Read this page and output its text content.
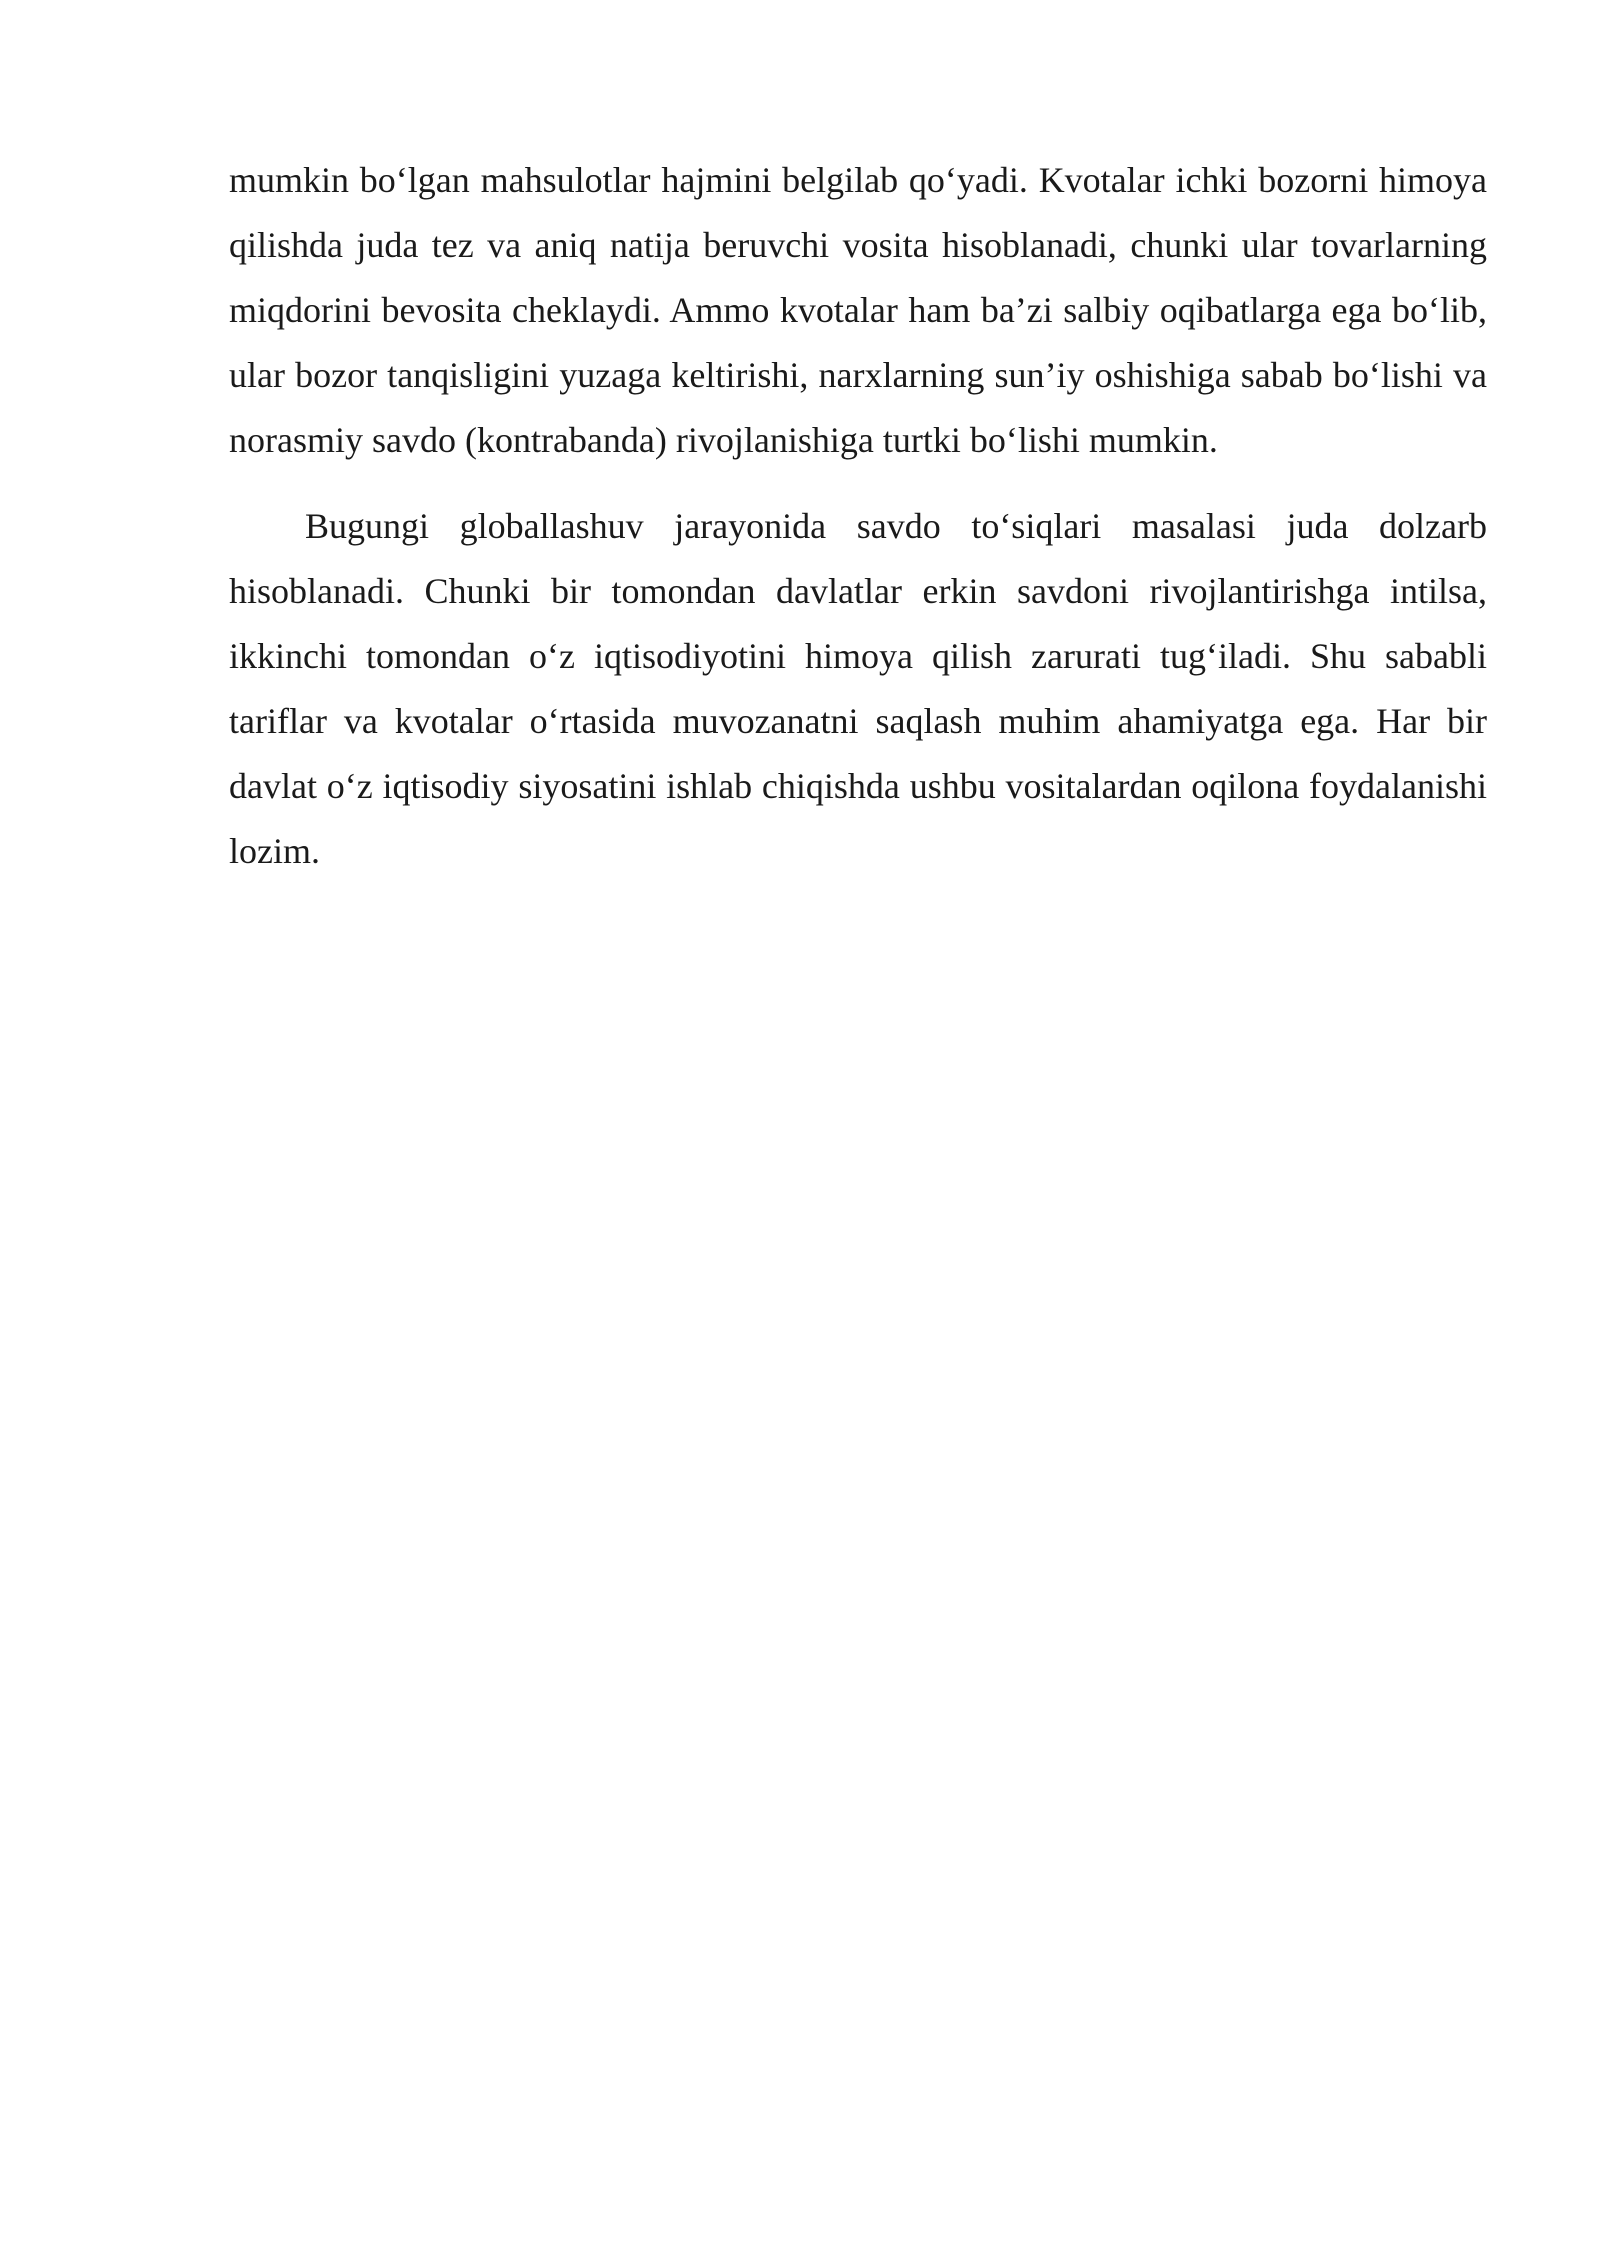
mumkin bo‘lgan mahsulotlar hajmini belgilab qo‘yadi. Kvotalar ichki bozorni himoya qilishda juda tez va aniq natija beruvchi vosita hisoblanadi, chunki ular tovarlarning miqdorini bevosita cheklaydi. Ammo kvotalar ham ba’zi salbiy oqibatlarga ega bo‘lib, ular bozor tanqisligini yuzaga keltirishi, narxlarning sun’iy oshishiga sabab bo‘lishi va norasmiy savdo (kontrabanda) rivojlanishiga turtki bo‘lishi mumkin.

Bugungi globallashuv jarayonida savdo to‘siqlari masalasi juda dolzarb hisoblanadi. Chunki bir tomondan davlatlar erkin savdoni rivojlantirishga intilsa, ikkinchi tomondan o‘z iqtisodiyotini himoya qilish zarurati tug‘iladi. Shu sababli tariflar va kvotalar o‘rtasida muvozanatni saqlash muhim ahamiyatga ega. Har bir davlat o‘z iqtisodiy siyosatini ishlab chiqishda ushbu vositalardan oqilona foydalanishi lozim.
